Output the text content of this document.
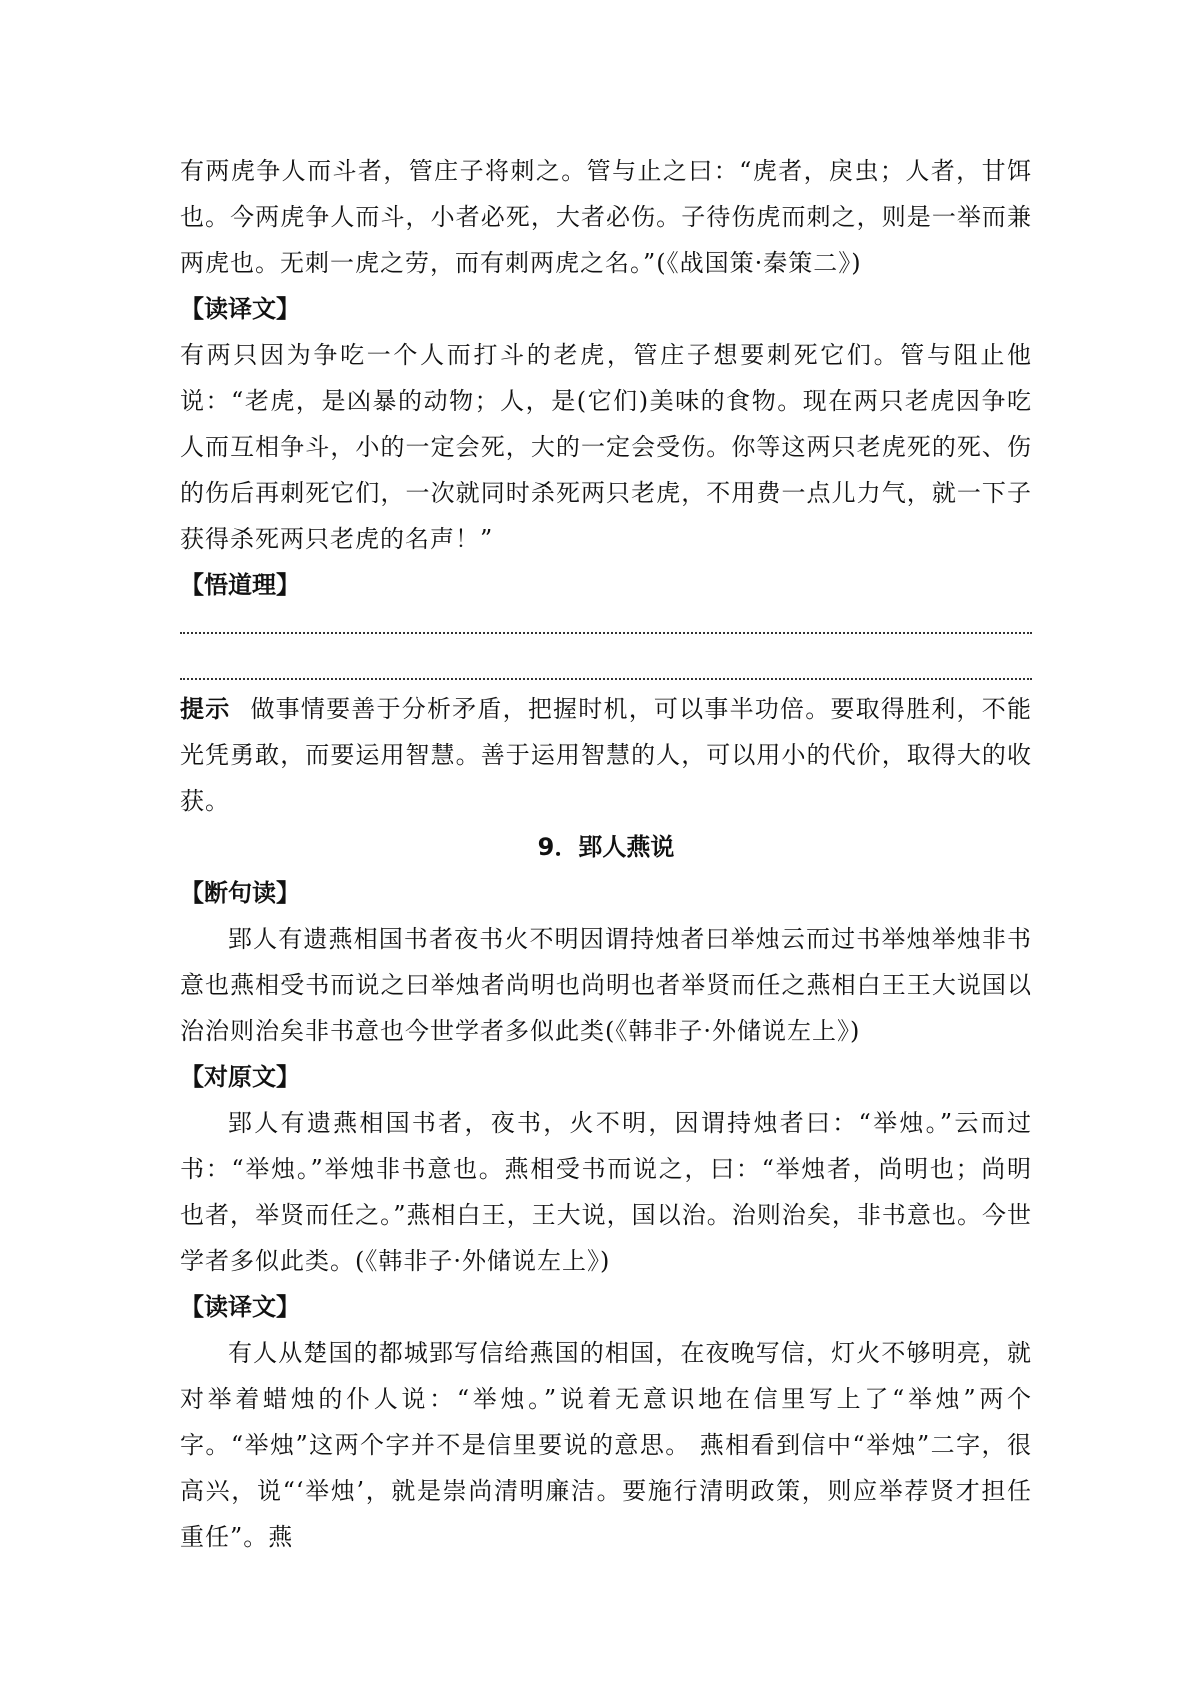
有两虎争人而斗者，管庄子将刺之。管与止之曰：“虎者，戾虫；人者，甘饵也。今两虎争人而斗，小者必死，大者必伤。子待伤虎而刺之，则是一举而兼两虎也。无刺一虎之劳，而有刺两虎之名。”(《战国策·秦策二》)

【读译文】

有两只因为争吃一个人而打斗的老虎，管庄子想要刺死它们。管与阻止他说：“老虎，是凶暴的动物；人，是(它们)美味的食物。现在两只老虎因争吃人而互相争斗，小的一定会死，大的一定会受伤。你等这两只老虎死的死、伤的伤后再刺死它们，一次就同时杀死两只老虎，不用费一点儿力气，就一下子获得杀死两只老虎的名声！”

【悟道理】

提示 做事情要善于分析矛盾，把握时机，可以事半功倍。要取得胜利，不能光凭勇敢，而要运用智慧。善于运用智慧的人，可以用小的代价，取得大的收获。

9．郢人燕说

【断句读】

郢人有遗燕相国书者夜书火不明因谓持烛者曰举烛云而过书举烛举烛非书意也燕相受书而说之曰举烛者尚明也尚明也者举贤而任之燕相白王王大说国以治治则治矣非书意也今世学者多似此类(《韩非子·外储说左上》)

【对原文】

郢人有遗燕相国书者，夜书，火不明，因谓持烛者曰：“举烛。”云而过书：“举烛。”举烛非书意也。燕相受书而说之，曰：“举烛者，尚明也；尚明也者，举贤而任之。”燕相白王，王大说，国以治。治则治矣，非书意也。今世学者多似此类。(《韩非子·外储说左上》)

【读译文】

有人从楚国的都城郢写信给燕国的相国，在夜晚写信，灯火不够明亮，就对举着蜡烛的仆人说：“举烛。”说着无意识地在信里写上了“举烛”两个字。“举烛”这两个字并不是信里要说的意思。 燕相看到信中“举烛”二字，很高兴，说“‘举烛’，就是崇尚清明廉洁。要施行清明政策，则应举荐贤才担任重任”。燕
